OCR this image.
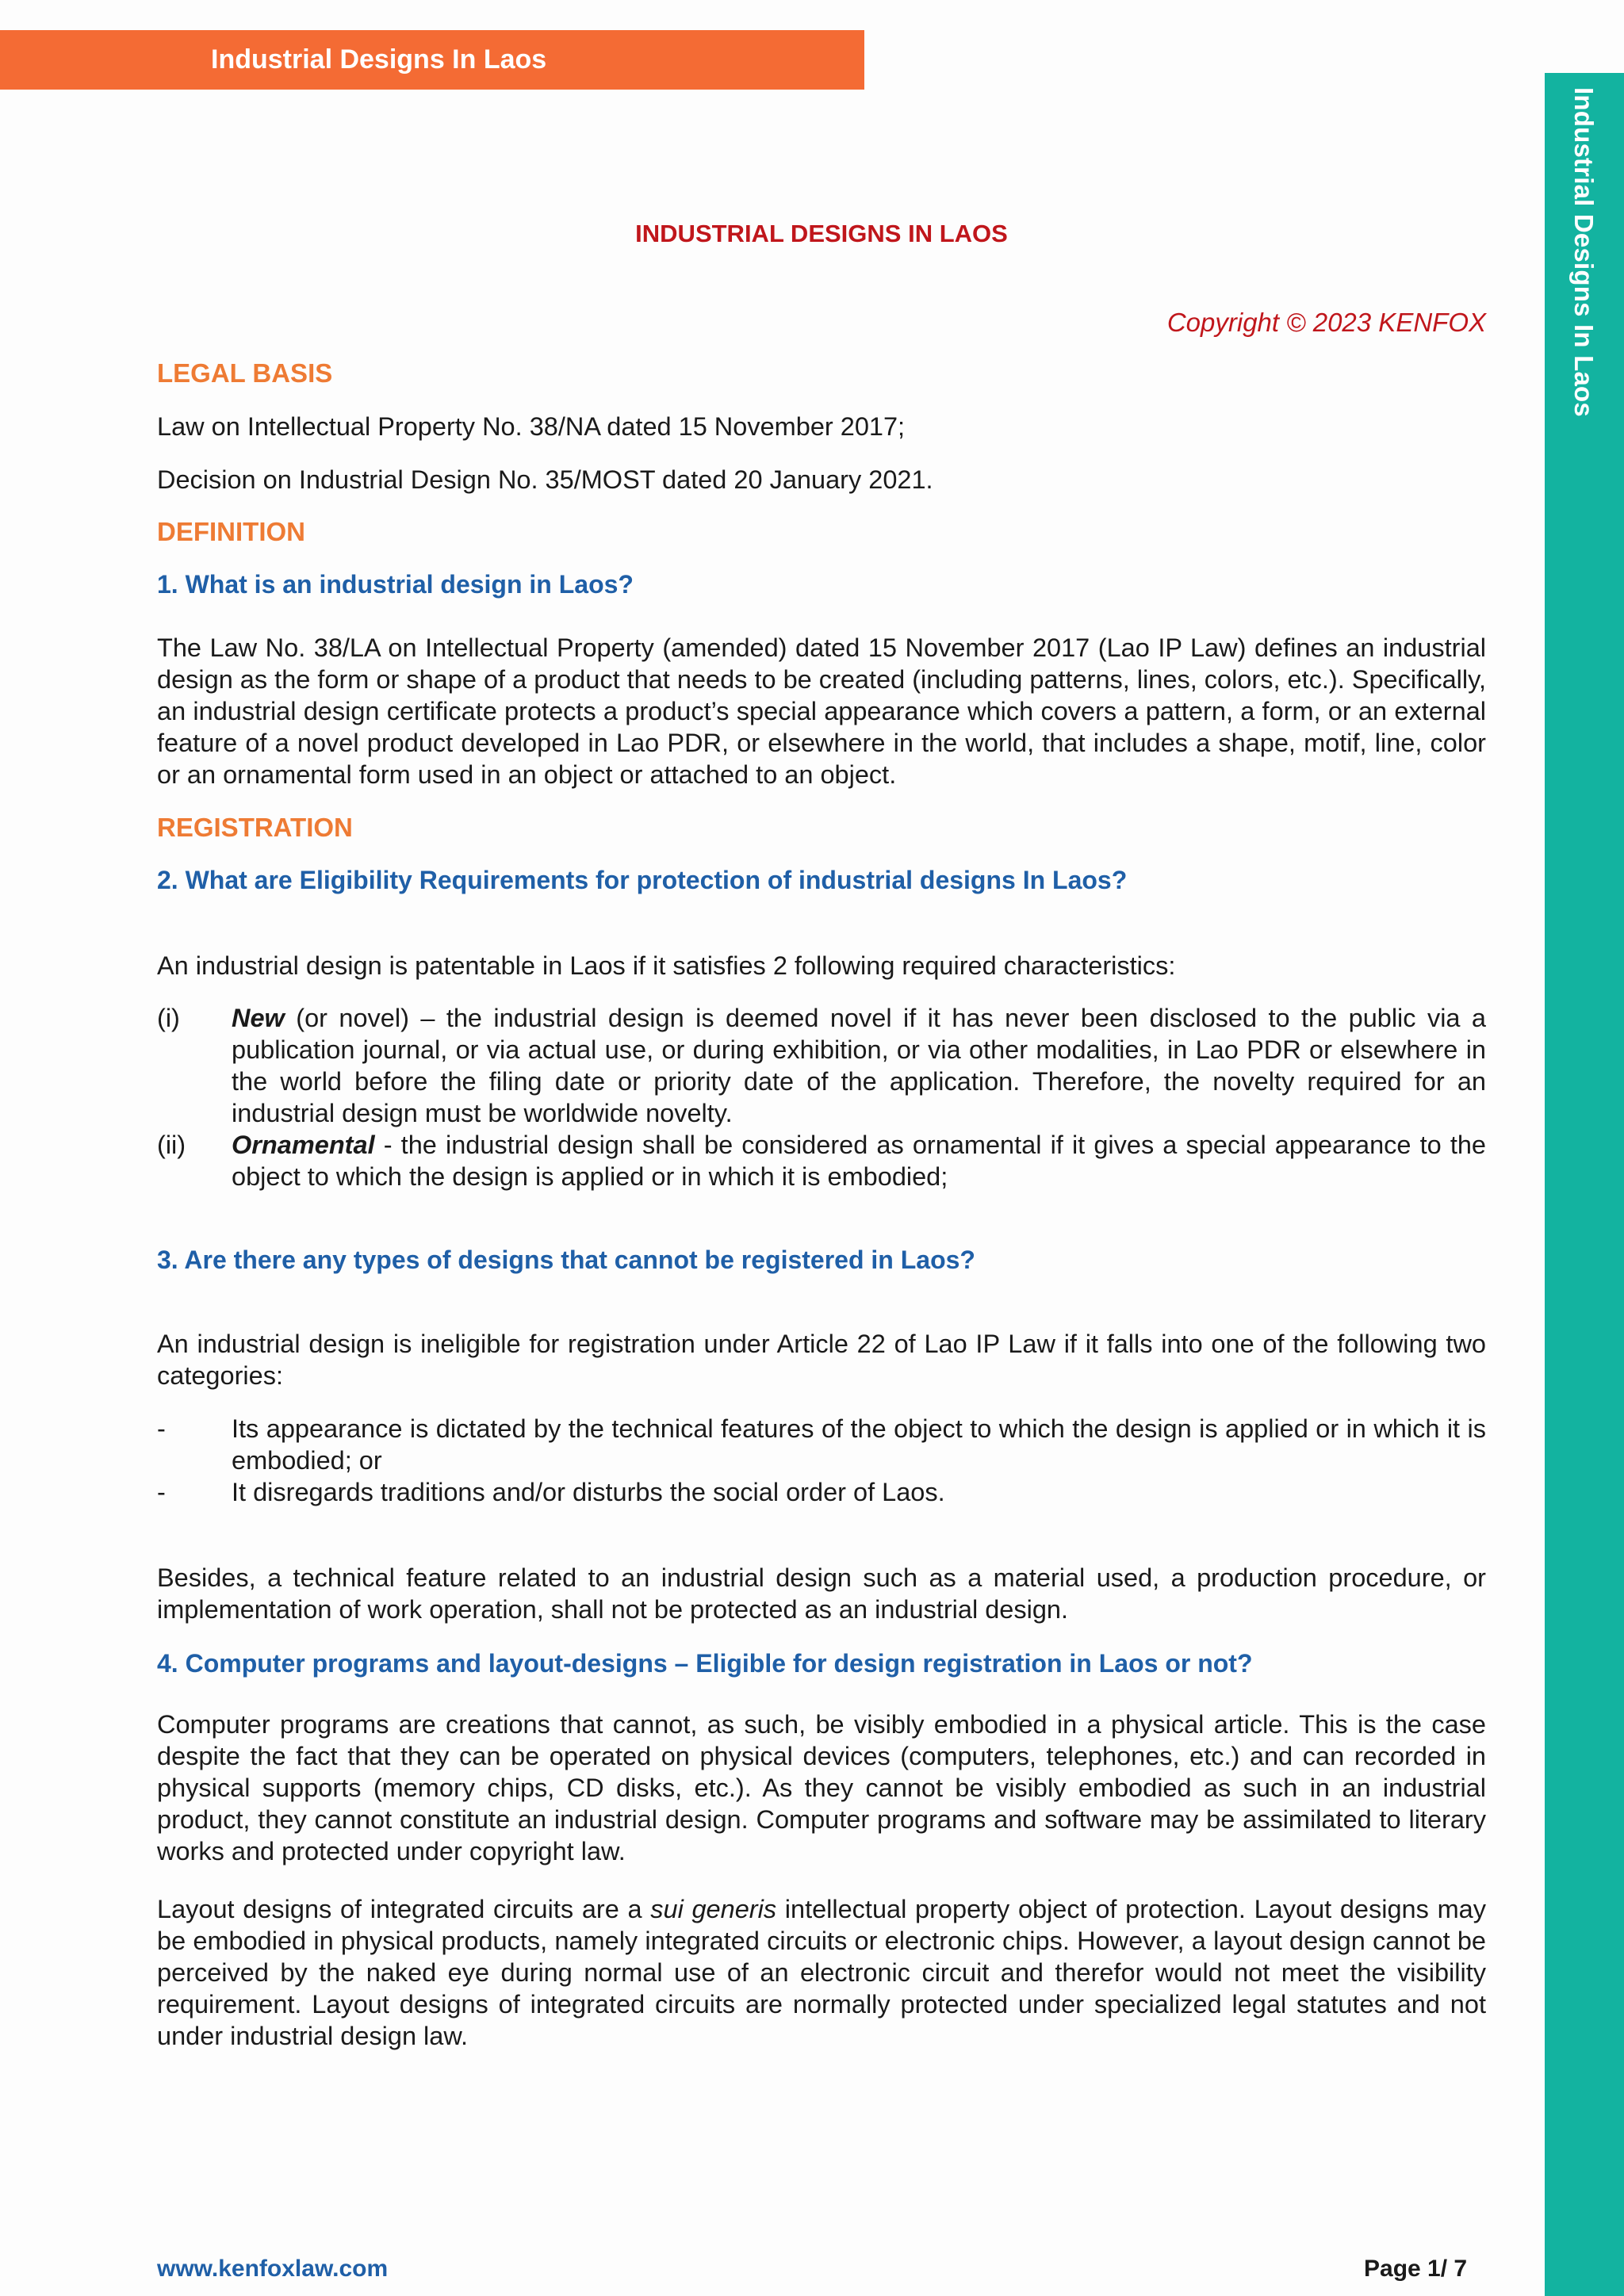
Industrial Designs In Laos
Industrial Designs In Laos
INDUSTRIAL DESIGNS IN LAOS
Copyright © 2023 KENFOX
LEGAL BASIS
Law on Intellectual Property No. 38/NA dated 15 November 2017;
Decision on Industrial Design No. 35/MOST dated 20 January 2021.
DEFINITION
1. What is an industrial design in Laos?
The Law No. 38/LA on Intellectual Property (amended) dated 15 November 2017 (Lao IP Law) defines an industrial design as the form or shape of a product that needs to be created (including patterns, lines, colors, etc.). Specifically, an industrial design certificate protects a product’s special appearance which covers a pattern, a form, or an external feature of a novel product developed in Lao PDR, or elsewhere in the world, that includes a shape, motif, line, color or an ornamental form used in an object or attached to an object.
REGISTRATION
2. What are Eligibility Requirements for protection of industrial designs In Laos?
An industrial design is patentable in Laos if it satisfies 2 following required characteristics:
(i) New (or novel) – the industrial design is deemed novel if it has never been disclosed to the public via a publication journal, or via actual use, or during exhibition, or via other modalities, in Lao PDR or elsewhere in the world before the filing date or priority date of the application. Therefore, the novelty required for an industrial design must be worldwide novelty.
(ii) Ornamental - the industrial design shall be considered as ornamental if it gives a special appearance to the object to which the design is applied or in which it is embodied;
3. Are there any types of designs that cannot be registered in Laos?
An industrial design is ineligible for registration under Article 22 of Lao IP Law if it falls into one of the following two categories:
-	Its appearance is dictated by the technical features of the object to which the design is applied or in which it is embodied; or
-	It disregards traditions and/or disturbs the social order of Laos.
Besides, a technical feature related to an industrial design such as a material used, a production procedure, or implementation of work operation, shall not be protected as an industrial design.
4. Computer programs and layout-designs – Eligible for design registration in Laos or not?
Computer programs are creations that cannot, as such, be visibly embodied in a physical article. This is the case despite the fact that they can be operated on physical devices (computers, telephones, etc.) and can recorded in physical supports (memory chips, CD disks, etc.). As they cannot be visibly embodied as such in an industrial product, they cannot constitute an industrial design. Computer programs and software may be assimilated to literary works and protected under copyright law.
Layout designs of integrated circuits are a sui generis intellectual property object of protection. Layout designs may be embodied in physical products, namely integrated circuits or electronic chips. However, a layout design cannot be perceived by the naked eye during normal use of an electronic circuit and therefor would not meet the visibility requirement. Layout designs of integrated circuits are normally protected under specialized legal statutes and not under industrial design law.
www.kenfoxlaw.com	Page 1/ 7
